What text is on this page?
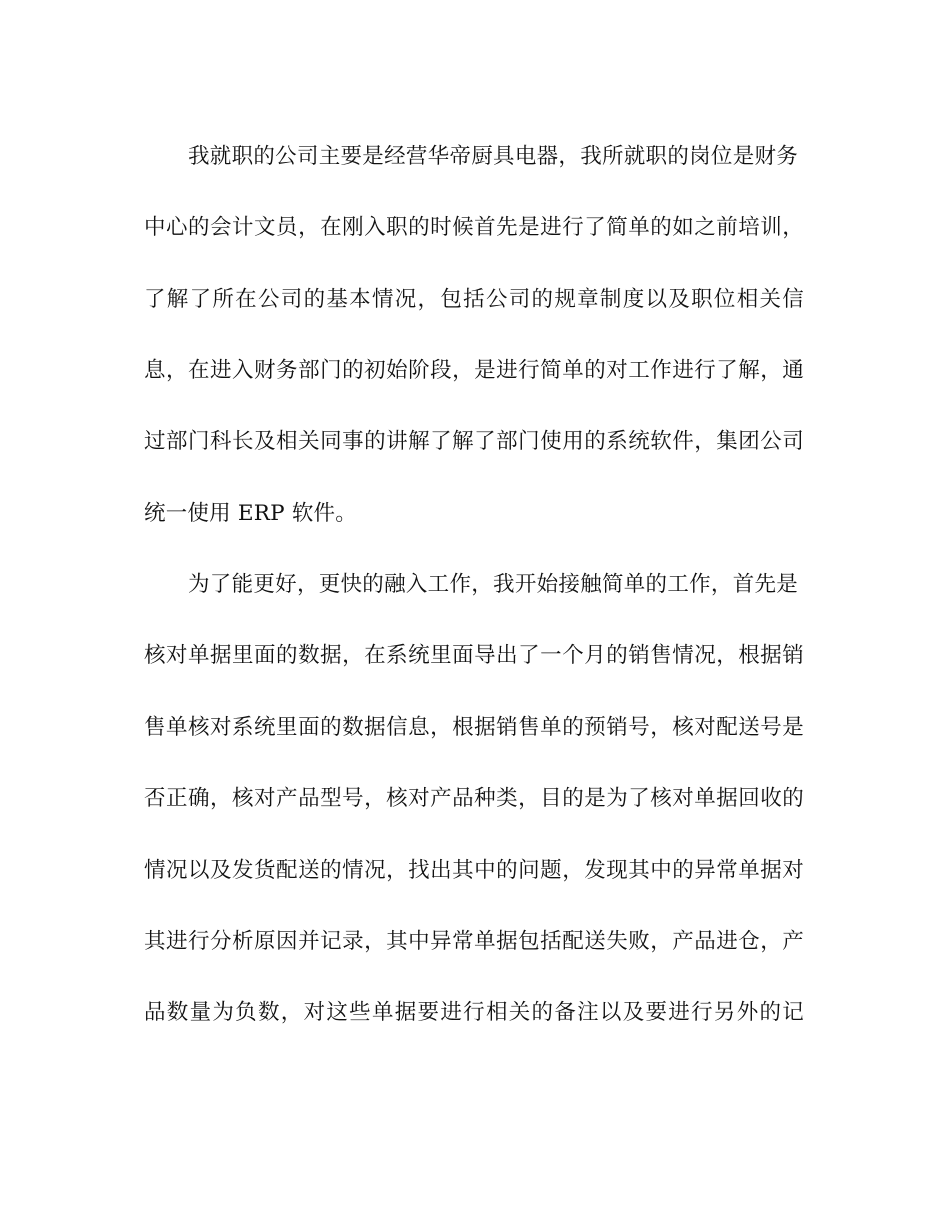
我就职的公司主要是经营华帝厨具电器，我所就职的岗位是财务
中心的会计文员，在刚入职的时候首先是进行了简单的如之前培训，
了解了所在公司的基本情况，包括公司的规章制度以及职位相关信
息，在进入财务部门的初始阶段，是进行简单的对工作进行了解，通
过部门科长及相关同事的讲解了解了部门使用的系统软件，集团公司
统一使用 ERP 软件。
为了能更好，更快的融入工作，我开始接触简单的工作，首先是
核对单据里面的数据，在系统里面导出了一个月的销售情况，根据销
售单核对系统里面的数据信息，根据销售单的预销号，核对配送号是
否正确，核对产品型号，核对产品种类，目的是为了核对单据回收的
情况以及发货配送的情况，找出其中的问题，发现其中的异常单据对
其进行分析原因并记录，其中异常单据包括配送失败，产品进仓，产
品数量为负数，对这些单据要进行相关的备注以及要进行另外的记
